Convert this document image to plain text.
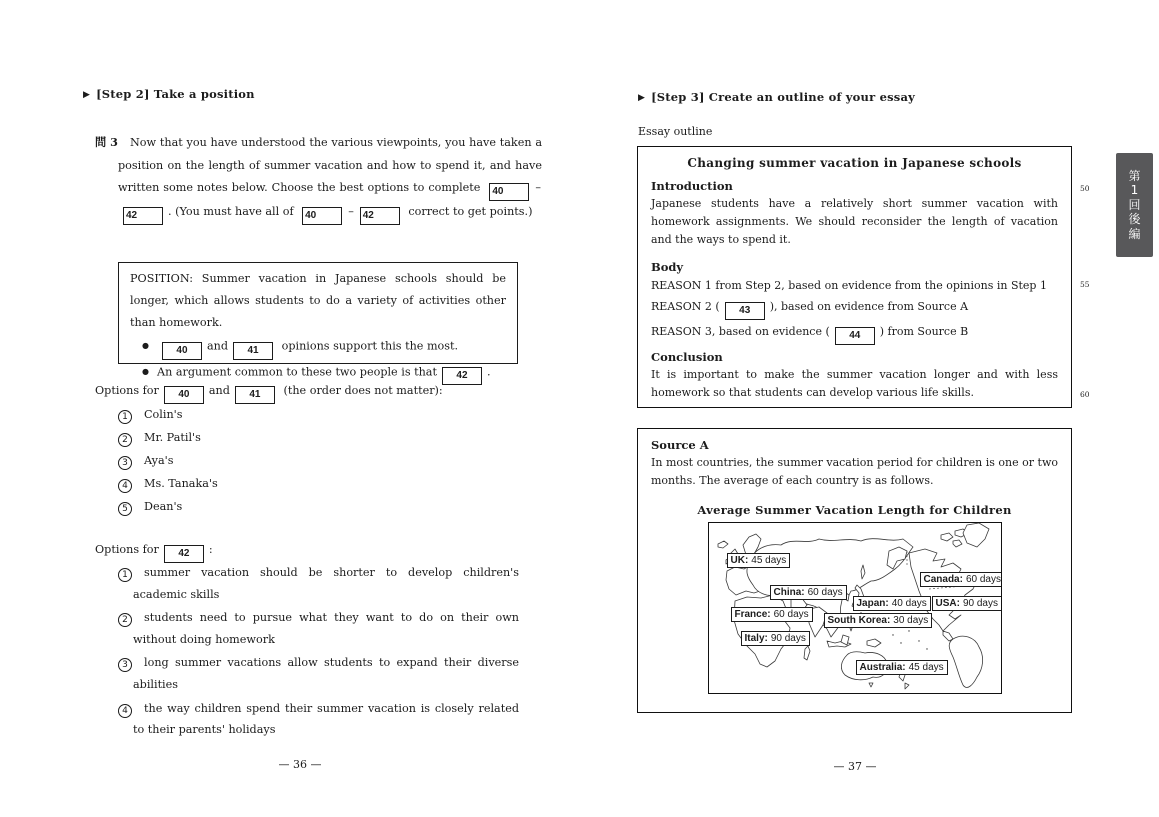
▶ [Step 2] Take a position
問 3 Now that you have understood the various viewpoints, you have taken a position on the length of summer vacation and how to spend it, and have written some notes below. Choose the best options to complete 40	–42	. (You must have all of 40	– 42	correct to get points.)
POSITION: Summer vacation in Japanese schools should be longer, which allows students to do a variety of activities other than homework.
●	40 and 41 opinions support this the most.
● An argument common to these two people is that 42 .
Options for 40 and 41 (the order does not matter):
1 Colin's
2 Mr. Patil's
3 Aya's
4 Ms. Tanaka's
5 Dean's
Options for 42 :
1 summer vacation should be shorter to develop children's academic skills
2 students need to pursue what they want to do on their own without doing homework
3 long summer vacations allow students to expand their diverse abilities
4 the way children spend their summer vacation is closely related to their parents' holidays
— 36 —
▶ [Step 3] Create an outline of your essay
Essay outline
Changing summer vacation in Japanese schools
Introduction
Japanese students have a relatively short summer vacation with homework assignments. We should reconsider the length of vacation and the ways to spend it.
Body
REASON 1 from Step 2, based on evidence from the opinions in Step 1
REASON 2 ( 43 ), based on evidence from Source A
REASON 3, based on evidence ( 44 ) from Source B
Conclusion
It is important to make the summer vacation longer and with less homework so that students can develop various life skills.
50
55
60
Source A
In most countries, the summer vacation period for children is one or two months. The average of each country is as follows.
Average Summer Vacation Length for Children
UK: 45 days
China: 60 days
France: 60 days
Italy: 90 days
Japan: 40 days
South Korea: 30 days
Canada: 60 days
USA: 90 days
Australia: 45 days
— 37 —
第
1
回
後
編
